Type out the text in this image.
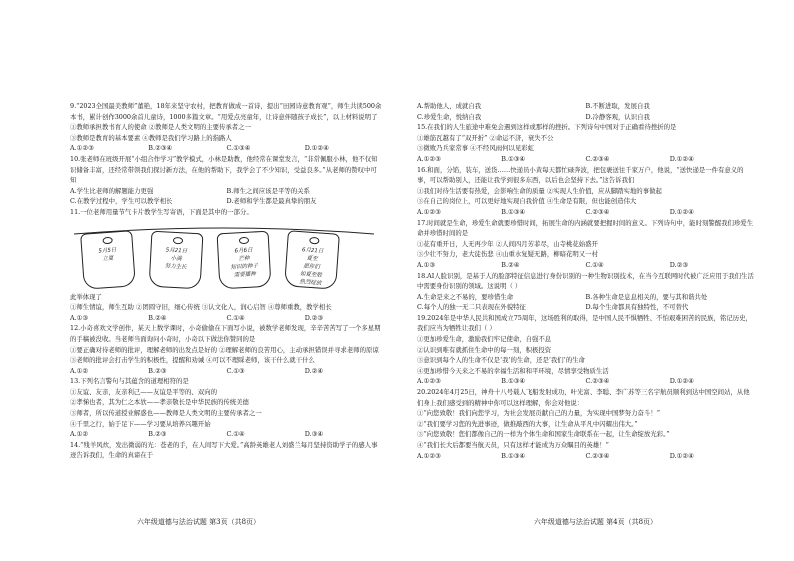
9.“2023全国最美教师”董艳，18年来坚守农村，把教育做成一首诗，提出“田园诗意教育观”，师生共读500余本书，累计创作3000余首儿童诗，1000多篇文章。“用爱点亮童年，让诗意伴随孩子成长”，以上材料说明了

①教师承担教书育人的使命 ②教师是人类文明的主要传承者之一
③教师是教育的基本要素 ④教师是我们学习路上的指路人
A.①②③	B.②③④	C.①③④	D.①②④

10.张老师在班级开展“小组合作学习”教学模式，小林是助教，他经常在课堂发言，“非常佩服小林，他不仅知识储备丰富，还经常带领我们探讨新方法，在他的帮助下，我学会了不少知识，受益良多。”从老师的赞叹中可知

A.学生比老师的解题能力更强	B.师生之间应该是平等的关系
C.在教学过程中，学生可以教学相长	D.老师和学生都是最真挚的朋友

11.一位老师用量节气卡片教学生写寄语，下面是其中的一部分。

5月5日
立夏
5月21日
小满
努力生长
6月6日
芒种
知识的种子
需要播种
6月21日
夏至
愿你们
如夏至般
热烈绽放
此举体现了
①师生情谊，师生互助 ②团圆守旧，细心传统 ③认文化人，润心启智 ④尊师重教，教学相长
A.①③	B.②④	C.①④	D.②③

12.小奇喜欢文学创作，某天上数学课时，小奇偷偷在下面写小说，被数学老师发现，辛辛苦苦写了一个多星期的手稿被没收。当老师当面询问小奇时，小奇以下做法你赞同的是

①要正确对待老师的批评，理解老师的出发点是好的 ②理解老师的良苦用心，主动承担错误并寻求老师的原谅
③老师的批评会打击学生的积极性，提醒和劝诫 ④可以不理睬老师，该干什么就干什么
A.①②	B.②③	C.①③	D.②④

13.下列名言警句与其蕴含的道理相符的是

①友谊、友亲，友亲利己——友谊是平等的、双向的
②孝悌也者，其为仁之本欤——孝亲敬长是中华民族的传统美德
③师者，所以传道授业解惑也——教师是人类文明的主要传承者之一
④千里之行，始于足下——学习要从培养兴趣开始
A.①②	B.②③	C.①④	D.③④

14.“残羊风炊，发出微弱的光：苍老的手，在人间写下大爱。”高龄英雄老人刘盛兰每月坚持资助学子的感人事迹告诉我们，生命的真谛在于

六年级道德与法治试题 第3页（共8页）
A.帮助他人，成就自我	B.不断进取，发展自我
C.珍爱生命，悦纳自我	D.冷静客观，认识自我

15.在我们的人生旅途中难免会遇到这样或那样的挫折。下列诗句中国对于正确看待挫折的是

①雄筋瓦越有了“双开折” ②命运不济，衰失不公
③微败乃兵家常事 ④不经风雨何以见彩虹
A.①②③	B.①③④	C.②③④	D.①②④

16.和面，分馅，装车，送货……快递员小黄每天都忙碌奔波，把包裹送往千家万户，他说，“送快递是一件有意义的事，可以帮助别人，还能让我学到很多东西，以后也会坚持下去。”这告诉我们

①我们对待生活要有热爱，会影响生命的质量 ②实现人生价值，应从脚踏实地的事做起
③在自己的岗位上，可以更好地实现自我价值 ④生命是有限，但也能创造伟大
A.①②③	B.①③④	C.②③④	D.①②④

17.时间就是生命，珍爱生命就要珍惜时间，拓展生命的内涵就要把握时间的意义。下列诗句中，能时刻警醒我们珍爱生命并珍惜时间的是

①花有重开日，人无再少年 ②人间四月芳菲尽，山寺桃花始盛开
③少壮不努力，老大徒伤悲 ④山重水复疑无路，柳暗花明又一村
A.①③	B.②④	C.①④	D.②③

18.AI人脸识别，是基于人的脸部特征信息进行身份识别的一种生物识别技术，在当今互联网时代被广泛应用于我们生活中需要身份识别的领域。这说明（ ）

A.生命是来之不易的，要珍惜生命	B.各种生命是息息相关的，要与其和谐共处
C.每个人的独一无二只表现在外貌特征	D.每个生命都具有独特性，不可替代

19.2024年是中华人民共和国成立75周年，这场胜利的取得，是中国人民不惧牺牲、不怕艰难困苦的民族，铭记历史，我们应当为牺牲让我们（ ）

①更加珍爱生命，激励我们牢记使命，自强不息
②认识到唯有就抓住生命中的每一刻，积极投资
③意识到每个人的生命不仅是‘我’的生命，还是‘我们’的生命
④更加珍惜今天来之不易的幸福生活和和平环境，尽情享受物质生活
A.①②③	B.①③④	C.②③④	D.①②④

20.2024年4月25日，神舟十八号载人飞船发射成功，叶光富、李聪、李广苏等三名宇航员顺利到达中国空间站，从他们身上我们感受到的精神中你可以这样理解，你会对他说：

①“向您致敬！我们向您学习，为社会发展贡献自己的力量，为实现中国梦努力奋斗！”
②“我们要学习您的先进事迹，做推敲西的大事，让生命从平凡中闪耀出伟大。”
③“向您致敬！您们都像自己的一样为个体生命和国家生命联系在一起，让生命绽放光彩。”
④“我们长大后都要当航天员，只有这样才能成为万众瞩目的英雄！”
A.①②③	B.①③④	C.②③④	D.①②④
六年级道德与法治试题 第4页（共8页）
